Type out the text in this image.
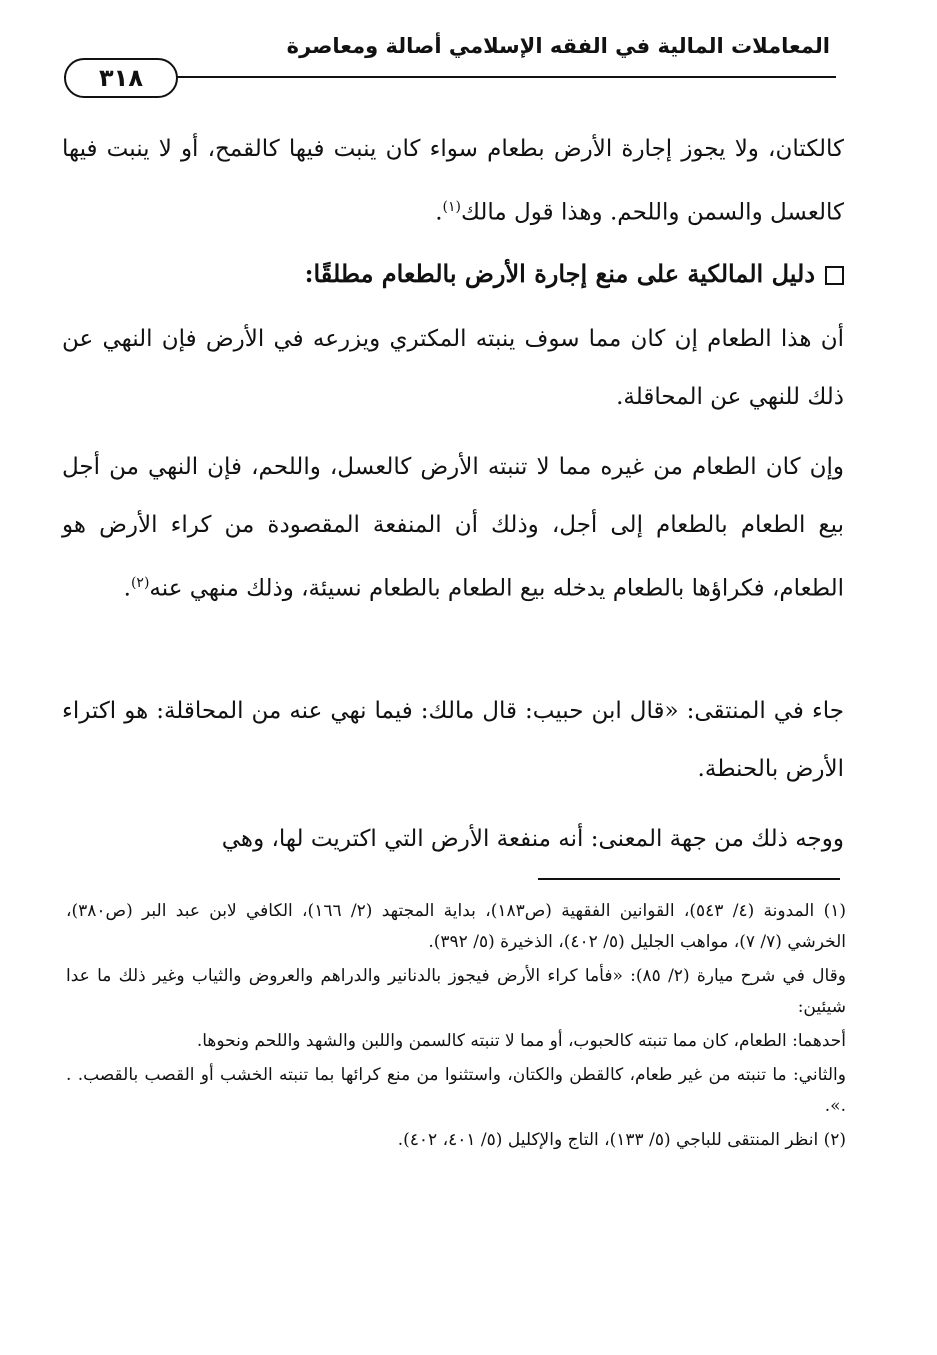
المعاملات المالية في الفقه الإسلامي أصالة ومعاصرة
٣١٨

كالكتان، ولا يجوز إجارة الأرض بطعام سواء كان ينبت فيها كالقمح، أو لا ينبت فيها كالعسل والسمن واللحم. وهذا قول مالك$^{(١)}$.

دليل المالكية على منع إجارة الأرض بالطعام مطلقًا:

أن هذا الطعام إن كان مما سوف ينبته المكتري ويزرعه في الأرض فإن النهي عن ذلك للنهي عن المحاقلة.

وإن كان الطعام من غيره مما لا تنبته الأرض كالعسل، واللحم، فإن النهي من أجل بيع الطعام بالطعام إلى أجل، وذلك أن المنفعة المقصودة من كراء الأرض هو الطعام، فكراؤها بالطعام يدخله بيع الطعام بالطعام نسيئة، وذلك منهي عنه$^{(٢)}$.

جاء في المنتقى: «قال ابن حبيب: قال مالك: فيما نهي عنه من المحاقلة: هو اكتراء الأرض بالحنطة.

ووجه ذلك من جهة المعنى: أنه منفعة الأرض التي اكتريت لها، وهي

(١) المدونة (٤/ ٥٤٣)، القوانين الفقهية (ص١٨٣)، بداية المجتهد (٢/ ١٦٦)، الكافي لابن عبد البر (ص٣٨٠)، الخرشي (٧/ ٧)، مواهب الجليل (٥/ ٤٠٢)، الذخيرة (٥/ ٣٩٢).

وقال في شرح ميارة (٢/ ٨٥): «فأما كراء الأرض فيجوز بالدنانير والدراهم والعروض والثياب وغير ذلك ما عدا شيئين:

أحدهما: الطعام، كان مما تنبته كالحبوب، أو مما لا تنبته كالسمن واللبن والشهد واللحم ونحوها.

والثاني: ما تنبته من غير طعام، كالقطن والكتان، واستثنوا من منع كرائها بما تنبته الخشب أو القصب بالقصب. . .».

(٢) انظر المنتقى للباجي (٥/ ١٣٣)، التاج والإكليل (٥/ ٤٠١، ٤٠٢).
